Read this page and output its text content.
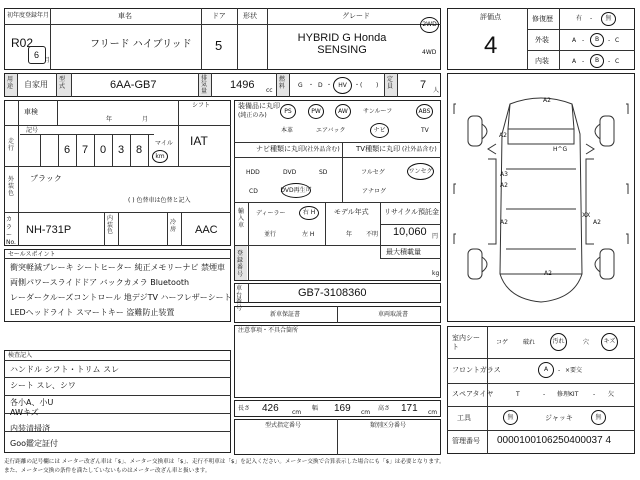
初年度登録年月	車名	ドア 形状	グレード
R02
6
月
フリード ハイブリッド 5	HYBRID G Honda SENSING
2WD
4WD
評価点
4
修復歴	有 - 無
外装	A - B - C
内装	A - B - C
用途 自家用
型式	6AA-GB7
排気量
1496 cc
燃料	G ・ D ・ HV ・ ( )
定員 7 人
車検
年	月
シフト
IAT
走行
記号
6 7 0 3 8
マイル
km
外装色
ブラック
( ) 色替車は色替と記入
カラー No.
NH-731P
内装色
冷房 AAC
装備品に丸印
(純正のみ)
PS	PW	AW	サンルーフ	ABS
本革	エアバック	ナビ	TV
ナビ種類に丸印 (社外品含む) TV種類に丸印 (社外品含む)
HDD	DVD	SD
CD	DVD再生可
フルセグ	ワンセグ
アナログ
輸入車
ディーラー	右 H
並行	左 H
モデル年式
年 不明
リサイクル預託金
10,060 円
最大積載量
kg
登録番号
車台番号
GB7-3108360
新車保証書	車両取説書
注意事項・不具合箇所
長さ 426 cm
幅 169 cm
高さ 171 cm
型式指定番号	類別区分番号
セールスポイント
衝突軽減ブレーキ シートヒーター 純正メモリーナビ 禁煙車
両側パワースライドドア バックカメラ Bluetooth
レーダークルーズコントロール 地デジTV ハーフレザーシート
LEDヘッドライト スマートキー 盗難防止装置
検査記入
ハンドル シフト・トリム スレ
シート スレ、シワ
各小A、小U
AWキズ
内装清掃済
Goo鑑定証付
A2
A2
A3
A2
A2	A2
H^G
XX
A2
室内シート
コゲ 破れ	汚れ	穴 キズ
フロントガラス	A - ×要交
スペアタイヤ	T	- 修理KIT - 欠
工具	無	ジャッキ	無
管理番号 0000100106250400037 4
走行距離の記号欄には メーター改ざん車は「$」、メーター交換車は「$」、走行不明車は「$」を記入ください。メーター交換で合算表示した場合にも「$」は必要となります。
また、メーター交換の条件を満たしていないものはメーター改ざん車と扱います。
